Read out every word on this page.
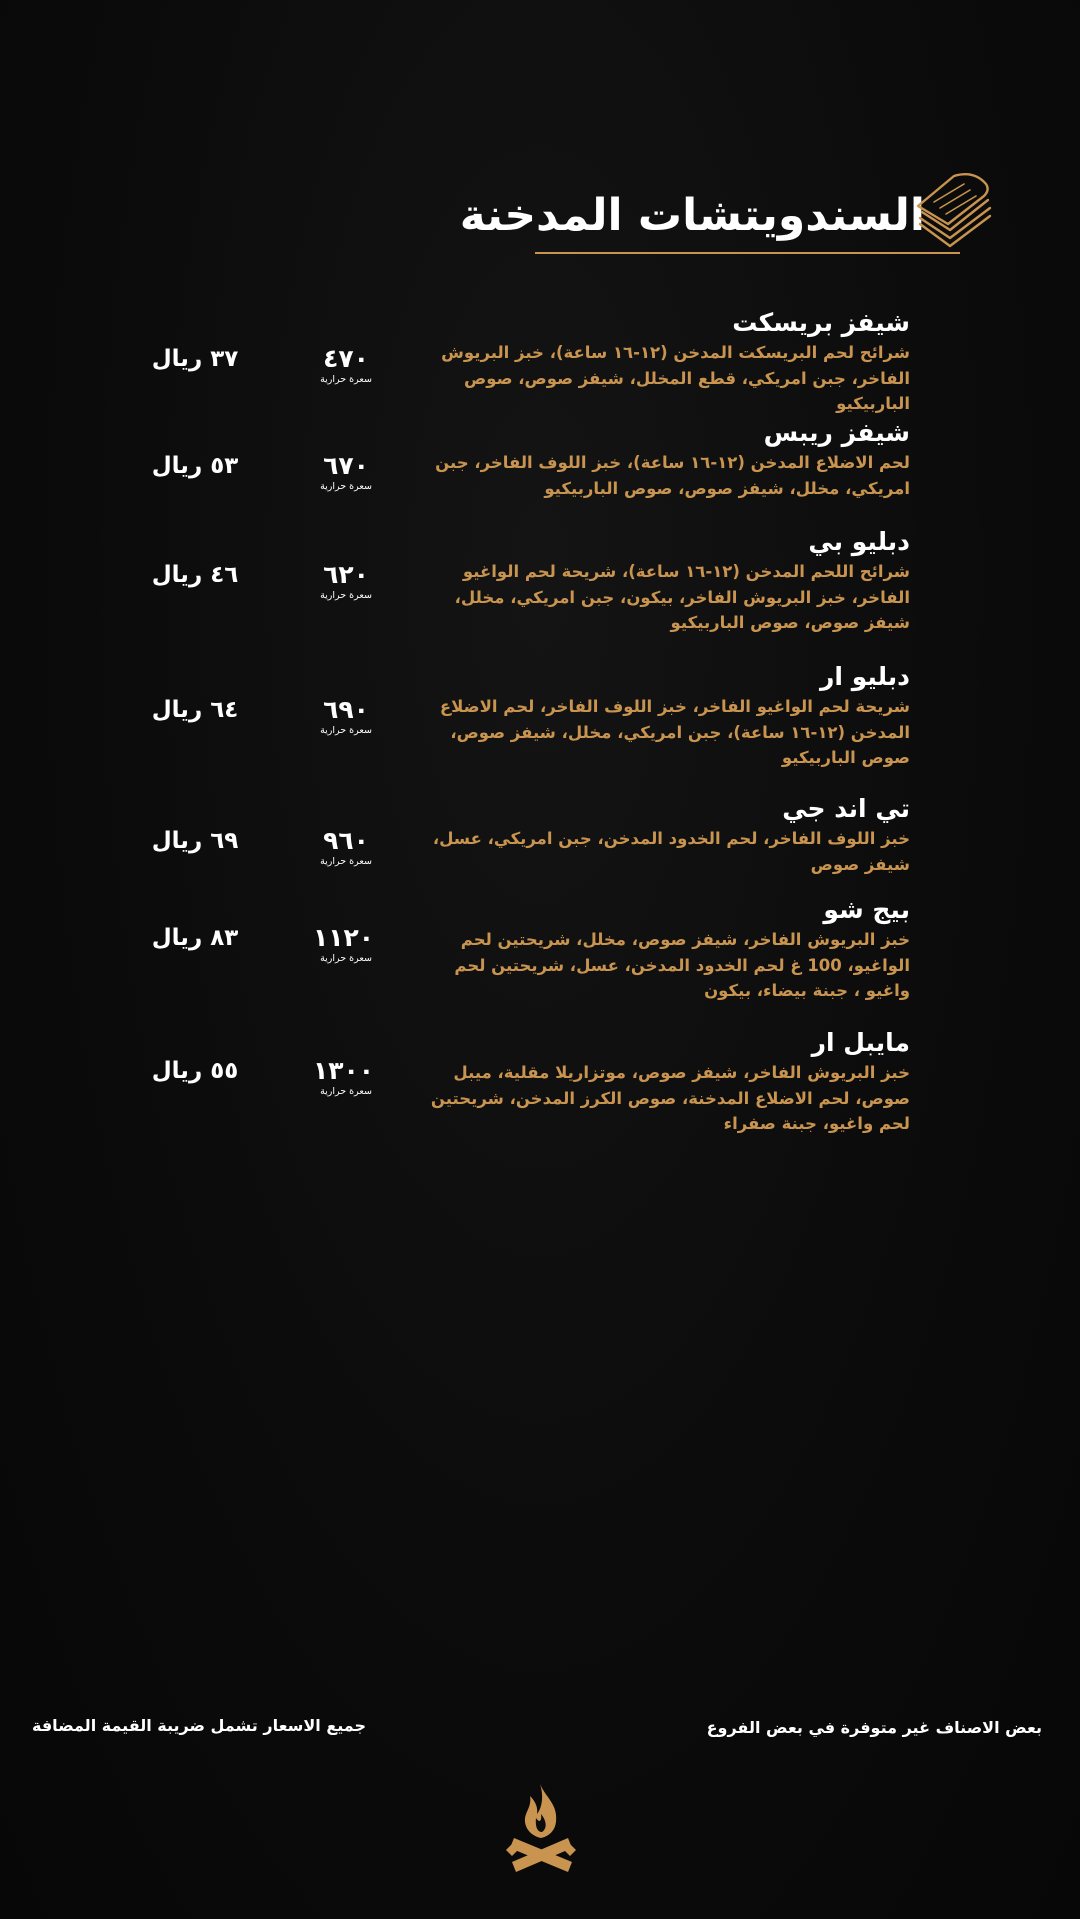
السندويتشات المدخنة
شيفز بريسكت
شرائح لحم البريسكت المدخن (١٢-١٦ ساعة)، خبز البريوش الفاخر، جبن امريكي، قطع المخلل، شيفز صوص، صوص الباربيكيو
٤٧٠
سعرة حرارية
٣٧ ريال
شيفز ريبس
لحم الاضلاع المدخن (١٢-١٦ ساعة)، خبز اللوف الفاخر، جبن امريكي، مخلل، شيفز صوص، صوص الباربيكيو
٦٧٠
سعرة حرارية
٥٣ ريال
دبليو بي
شرائح اللحم المدخن (١٢-١٦ ساعة)، شريحة لحم الواغيو الفاخر، خبز البريوش الفاخر، بيكون، جبن امريكي، مخلل، شيفز صوص، صوص الباربيكيو
٦٢٠
سعرة حرارية
٤٦ ريال
دبليو ار
شريحة لحم الواغيو الفاخر، خبز اللوف الفاخر، لحم الاضلاع المدخن (١٢-١٦ ساعة)، جبن امريكي، مخلل، شيفز صوص، صوص الباربيكيو
٦٩٠
سعرة حرارية
٦٤ ريال
تي اند جي
خبز اللوف الفاخر، لحم الخدود المدخن، جبن امريكي، عسل، شيفز صوص
٩٦٠
سعرة حرارية
٦٩ ريال
بيج شو
خبز البريوش الفاخر، شيفز صوص، مخلل، شريحتين لحم الواغيو، 100 غ لحم الخدود المدخن، عسل، شريحتين لحم واغيو ، جبنة بيضاء، بيكون
١١٢٠
سعرة حرارية
٨٣ ريال
مايبل ار
خبز البريوش الفاخر، شيفز صوص، موتزاريلا مقلية، ميبل صوص، لحم الاضلاع المدخنة، صوص الكرز المدخن، شريحتين لحم واغيو، جبنة صفراء
١٣٠٠
سعرة حرارية
٥٥ ريال
جميع الاسعار تشمل ضريبة القيمة المضافة	بعض الاصناف غير متوفرة في بعض الفروع
